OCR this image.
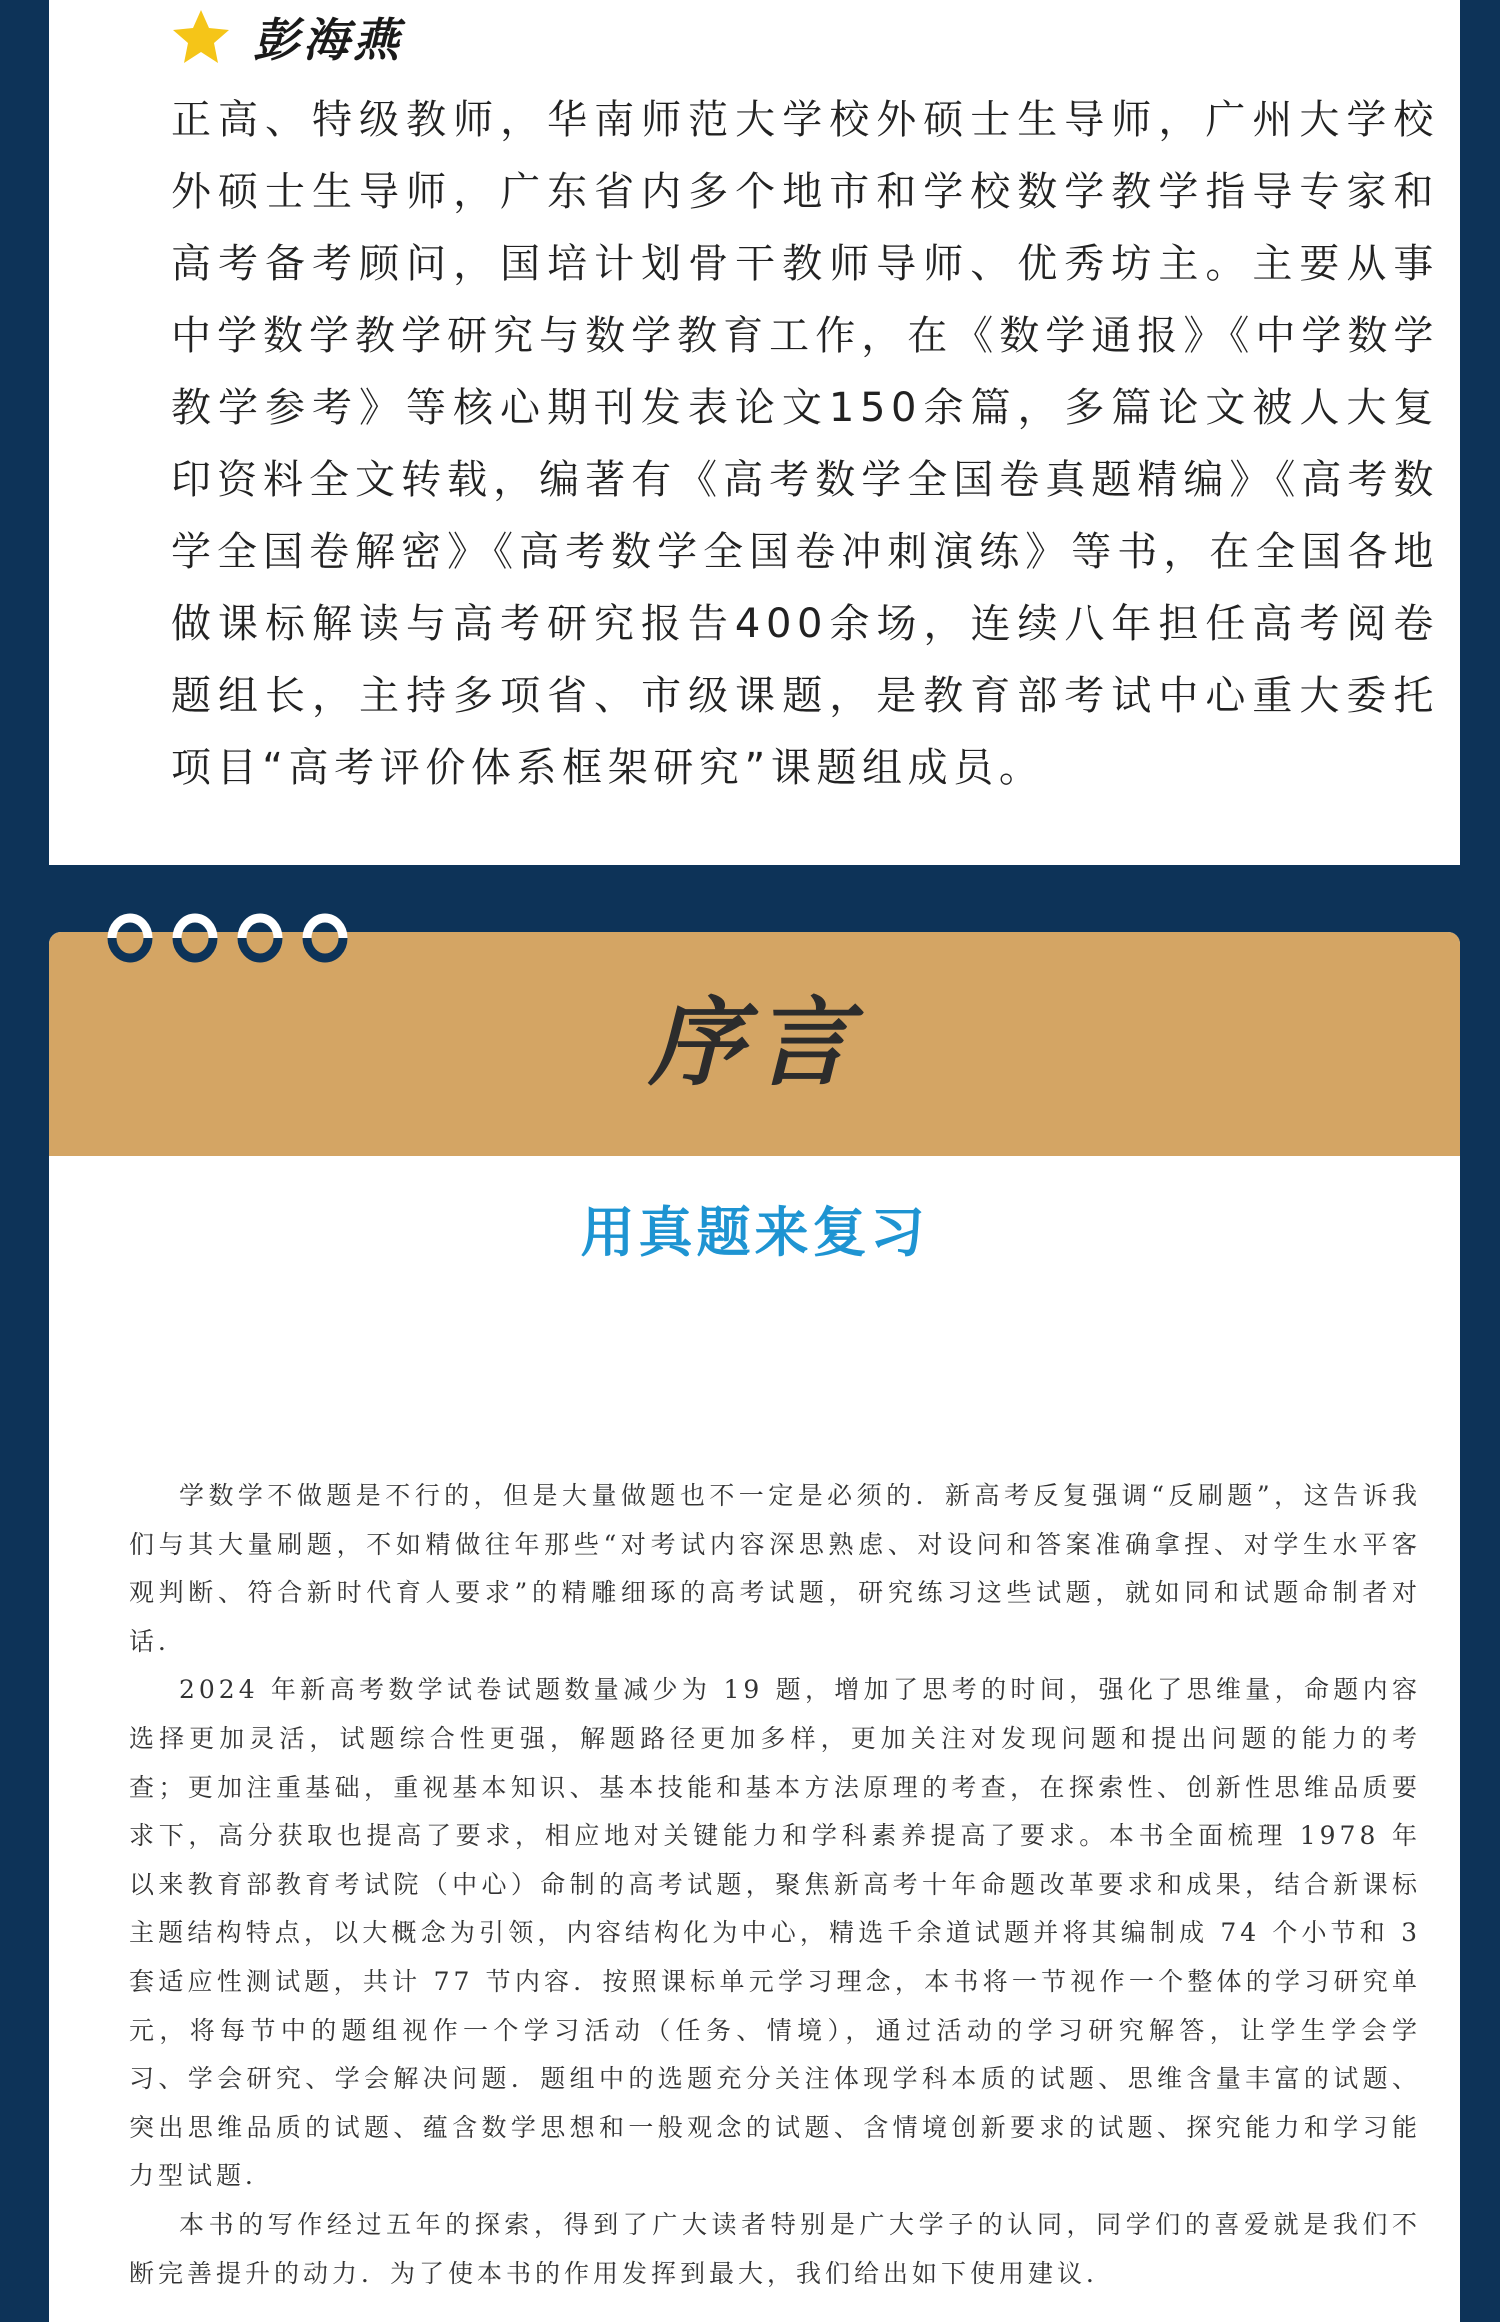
彭海燕

正高、特级教师，华南师范大学校外硕士生导师，广州大学校外硕士生导师，广东省内多个地市和学校数学教学指导专家和高考备考顾问，国培计划骨干教师导师、优秀坊主。主要从事中学数学教学研究与数学教育工作，在《数学通报》《中学数学教学参考》等核心期刊发表论文150余篇，多篇论文被人大复印资料全文转载，编著有《高考数学全国卷真题精编》《高考数学全国卷解密》《高考数学全国卷冲刺演练》等书，在全国各地做课标解读与高考研究报告400余场，连续八年担任高考阅卷题组长，主持多项省、市级课题，是教育部考试中心重大委托项目“高考评价体系框架研究”课题组成员。

序言
用真题来复习

学数学不做题是不行的，但是大量做题也不一定是必须的．新高考反复强调“反刷题”，这告诉我们与其大量刷题，不如精做往年那些“对考试内容深思熟虑、对设问和答案准确拿捏、对学生水平客观判断、符合新时代育人要求”的精雕细琢的高考试题，研究练习这些试题，就如同和试题命制者对话．

2024 年新高考数学试卷试题数量减少为 19 题，增加了思考的时间，强化了思维量，命题内容选择更加灵活，试题综合性更强，解题路径更加多样，更加关注对发现问题和提出问题的能力的考查；更加注重基础，重视基本知识、基本技能和基本方法原理的考查，在探索性、创新性思维品质要求下，高分获取也提高了要求，相应地对关键能力和学科素养提高了要求。本书全面梳理 1978 年以来教育部教育考试院（中心）命制的高考试题，聚焦新高考十年命题改革要求和成果，结合新课标主题结构特点，以大概念为引领，内容结构化为中心，精选千余道试题并将其编制成 74 个小节和 3 套适应性测试题，共计 77 节内容．按照课标单元学习理念，本书将一节视作一个整体的学习研究单元，将每节中的题组视作一个学习活动（任务、情境），通过活动的学习研究解答，让学生学会学习、学会研究、学会解决问题．题组中的选题充分关注体现学科本质的试题、思维含量丰富的试题、突出思维品质的试题、蕴含数学思想和一般观念的试题、含情境创新要求的试题、探究能力和学习能力型试题．

本书的写作经过五年的探索，得到了广大读者特别是广大学子的认同，同学们的喜爱就是我们不断完善提升的动力．为了使本书的作用发挥到最大，我们给出如下使用建议．
